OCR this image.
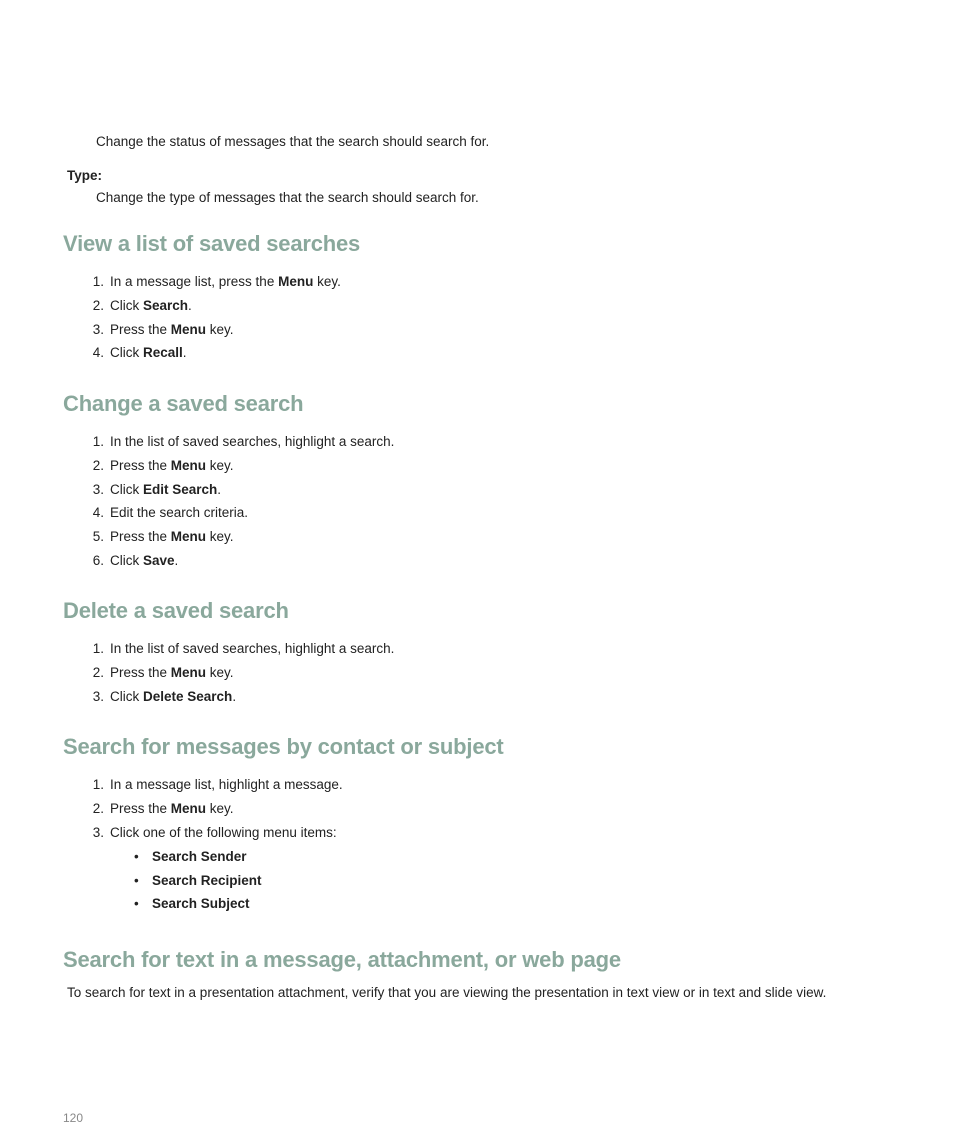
Change the status of messages that the search should search for.
Type:
Change the type of messages that the search should search for.
View a list of saved searches
1. In a message list, press the Menu key.
2. Click Search.
3. Press the Menu key.
4. Click Recall.
Change a saved search
1. In the list of saved searches, highlight a search.
2. Press the Menu key.
3. Click Edit Search.
4. Edit the search criteria.
5. Press the Menu key.
6. Click Save.
Delete a saved search
1. In the list of saved searches, highlight a search.
2. Press the Menu key.
3. Click Delete Search.
Search for messages by contact or subject
1. In a message list, highlight a message.
2. Press the Menu key.
3. Click one of the following menu items:
• Search Sender
• Search Recipient
• Search Subject
Search for text in a message, attachment, or web page
To search for text in a presentation attachment, verify that you are viewing the presentation in text view or in text and slide view.
120
